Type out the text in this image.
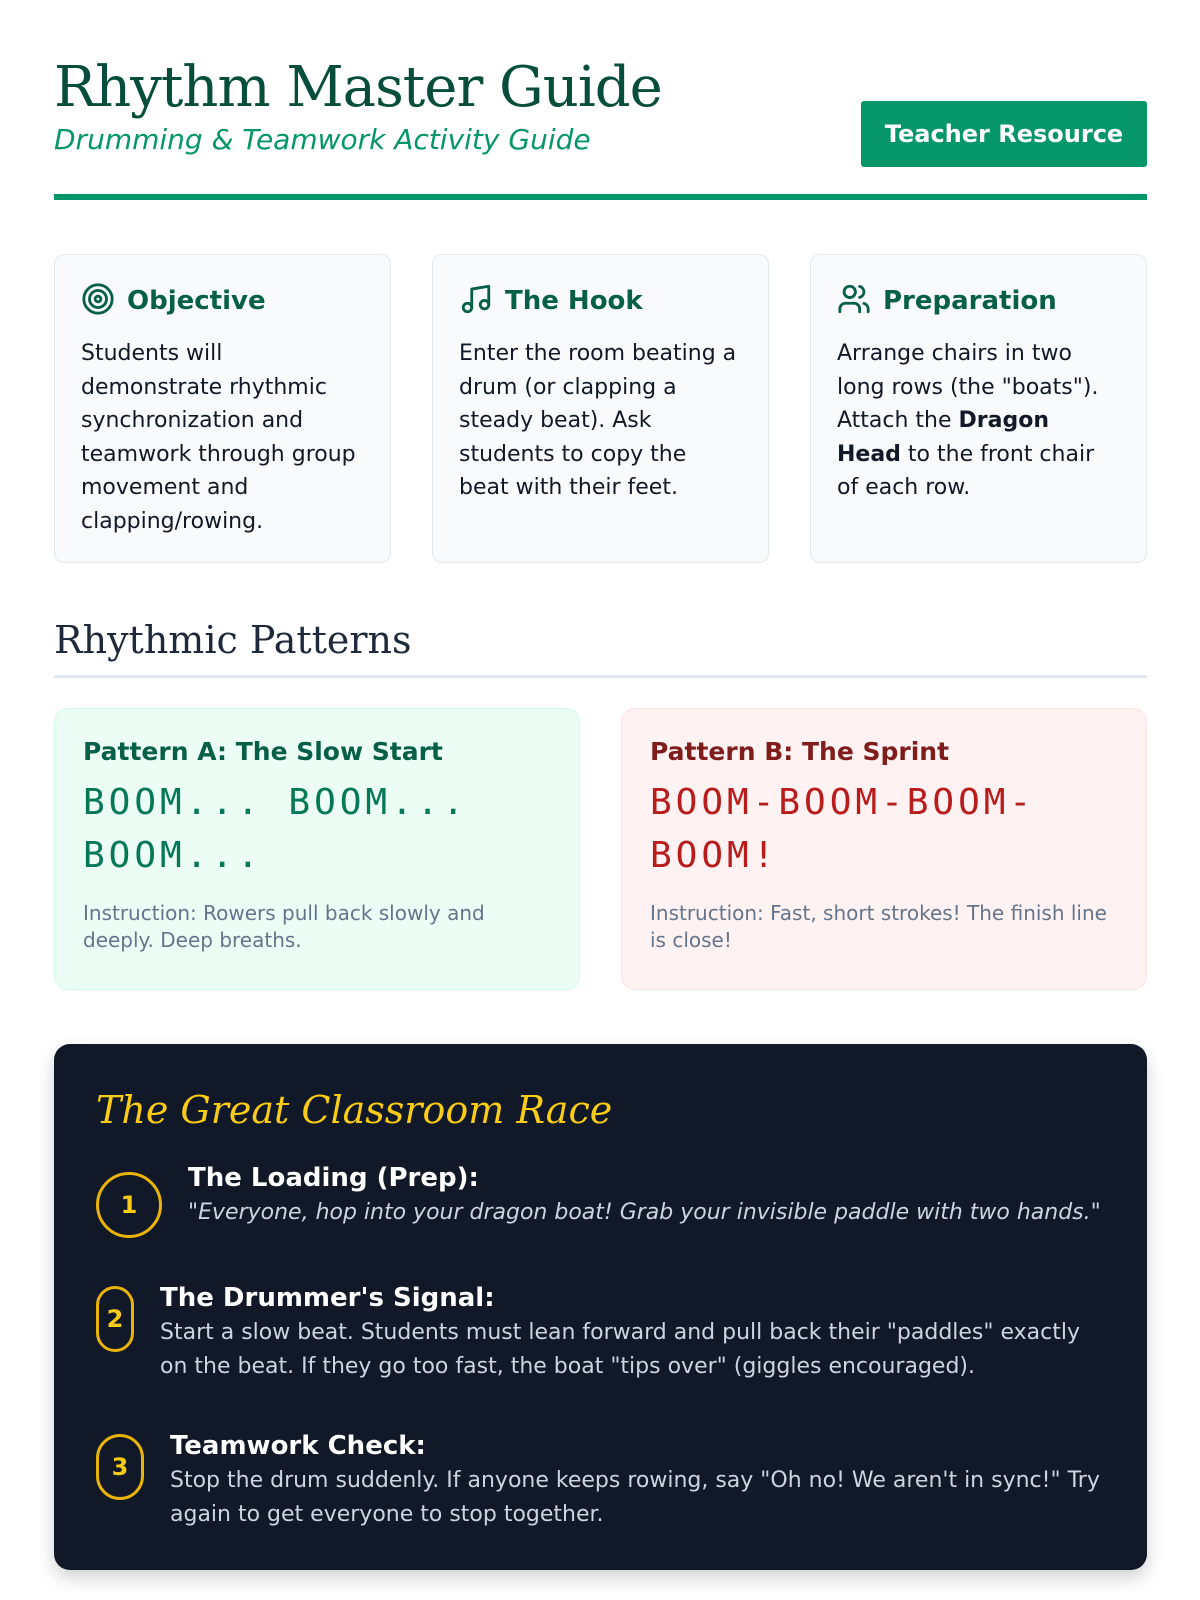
Rhythm Master Guide
Drumming & Teamwork Activity Guide	Teacher Resource
Objective
Students will demonstrate rhythmic synchronization and teamwork through group movement and clapping/rowing.
The Hook
Enter the room beating a drum (or clapping a steady beat). Ask students to copy the beat with their feet.
Preparation
Arrange chairs in two long rows (the "boats"). Attach the Dragon Head to the front chair of each row.
Rhythmic Patterns
Pattern A: The Slow Start
BOOM... BOOM... BOOM...
Instruction: Rowers pull back slowly and deeply. Deep breaths.
Pattern B: The Sprint
BOOM-BOOM-BOOM-BOOM!
Instruction: Fast, short strokes! The finish line is close!
The Great Classroom Race
1
The Loading (Prep):
"Everyone, hop into your dragon boat! Grab your invisible paddle with two hands."
2
The Drummer's Signal:
Start a slow beat. Students must lean forward and pull back their "paddles" exactly on the beat. If they go too fast, the boat "tips over" (giggles encouraged).
3
Teamwork Check:
Stop the drum suddenly. If anyone keeps rowing, say "Oh no! We aren't in sync!" Try again to get everyone to stop together.
